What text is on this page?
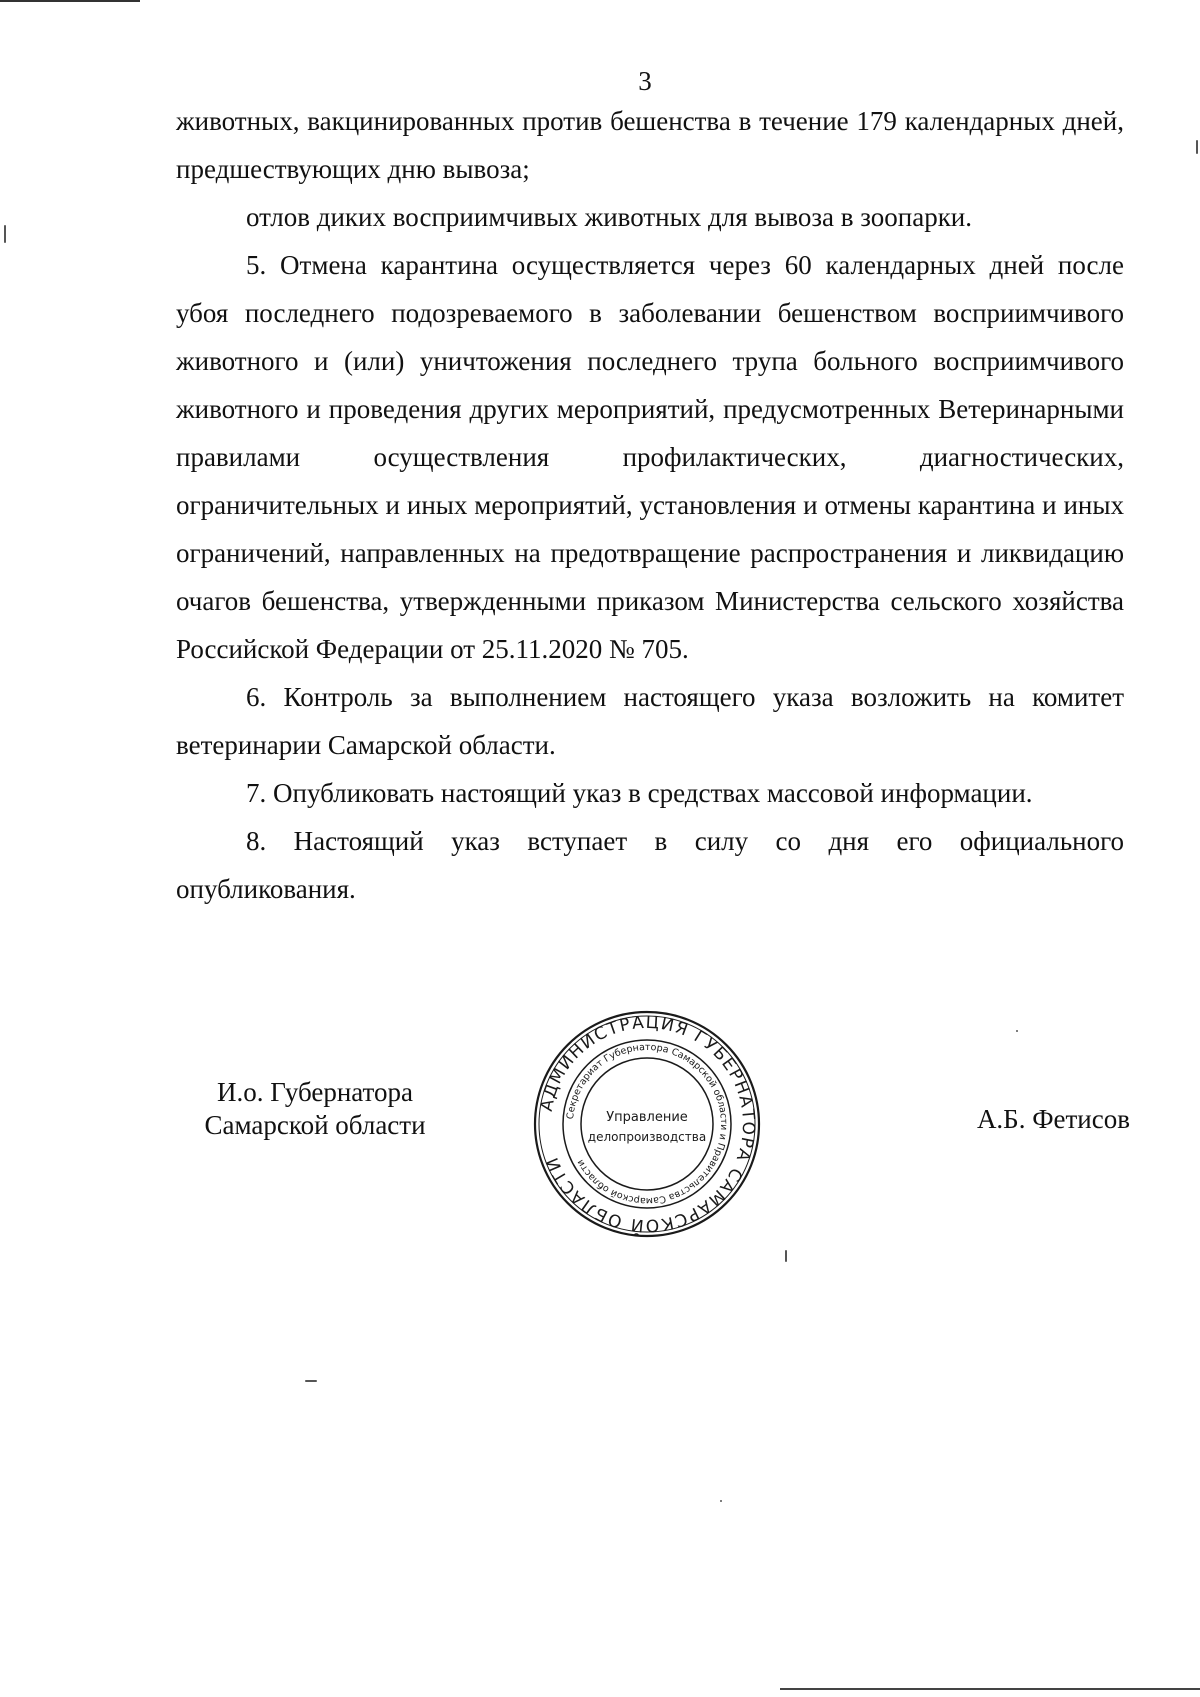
3

животных, вакцинированных против бешенства в течение 179 календарных дней, предшествующих дню вывоза;

отлов диких восприимчивых животных для вывоза в зоопарки.

5. Отмена карантина осуществляется через 60 календарных дней после убоя последнего подозреваемого в заболевании бешенством восприимчивого животного и (или) уничтожения последнего трупа больного восприимчивого животного и проведения других мероприятий, предусмотренных Ветеринарными правилами осуществления профилактических, диагностических, ограничительных и иных мероприятий, установления и отмены карантина и иных ограничений, направленных на предотвращение распространения и ликвидацию очагов бешенства, утвержденными приказом Министерства сельского хозяйства Российской Федерации от 25.11.2020 № 705.

6. Контроль за выполнением настоящего указа возложить на комитет ветеринарии Самарской области.

7. Опубликовать настоящий указ в средствах массовой информации.

8. Настоящий указ вступает в силу со дня его официального опубликования.

И.о. Губернатора
Самарской области
АДМИНИСТРАЦИЯ ГУБЕРНАТОРА САМАРСКОЙ ОБЛАСТИ
Секретариат Губернатора Самарской области и Правительства Самарской области
Управление
делопроизводства
А.Б. Фетисов
